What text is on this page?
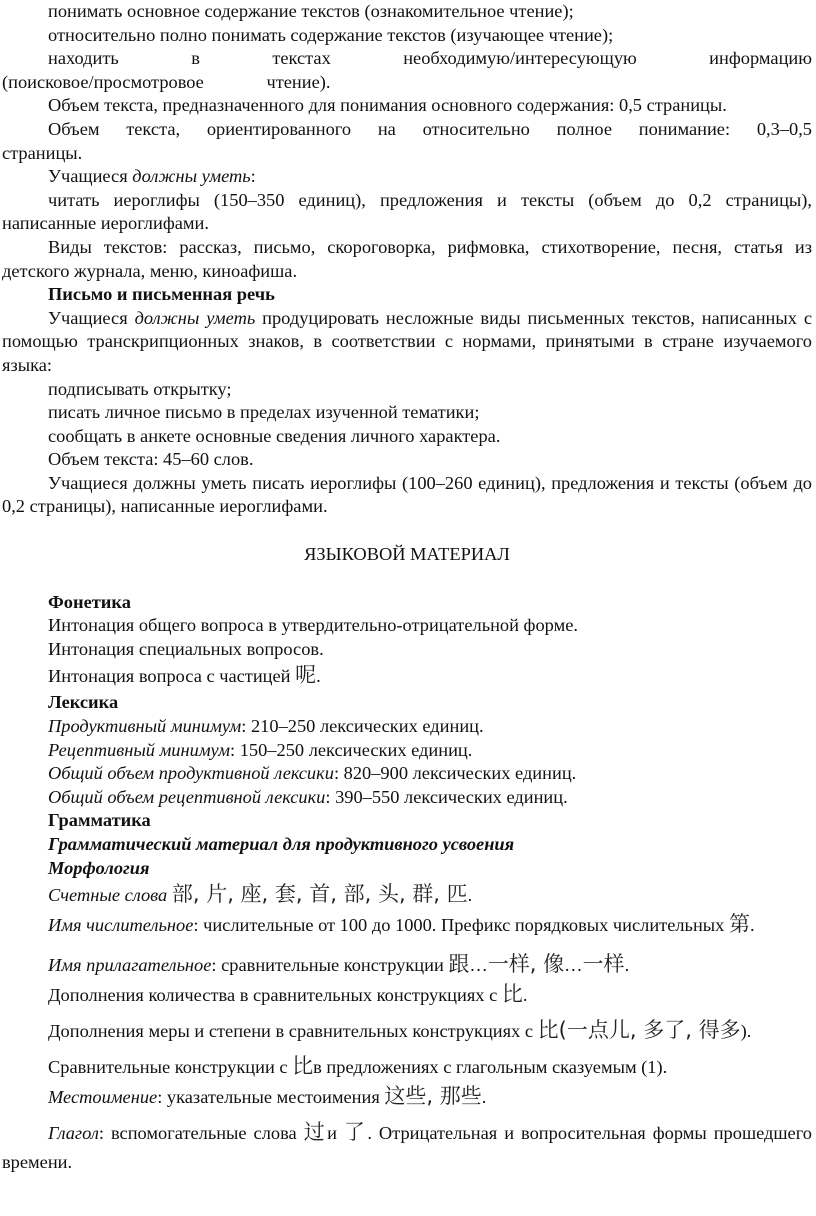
понимать основное содержание текстов (ознакомительное чтение);

относительно полно понимать содержание текстов (изучающее чтение);

находить в текстах необходимую/интересующую информацию (поисковое/просмотровое чтение).

Объем текста, предназначенного для понимания основного содержания: 0,5 страницы.

Объем текста, ориентированного на относительно полное понимание: 0,3–0,5 страницы.

Учащиеся должны уметь:

читать иероглифы (150–350 единиц), предложения и тексты (объем до 0,2 страницы), написанные иероглифами.

Виды текстов: рассказ, письмо, скороговорка, рифмовка, стихотворение, песня, статья из детского журнала, меню, киноафиша.

Письмо и письменная речь

Учащиеся должны уметь продуцировать несложные виды письменных текстов, написанных с помощью транскрипционных знаков, в соответствии с нормами, принятыми в стране изучаемого языка:

подписывать открытку;

писать личное письмо в пределах изученной тематики;

сообщать в анкете основные сведения личного характера.

Объем текста: 45–60 слов.

Учащиеся должны уметь писать иероглифы (100–260 единиц), предложения и тексты (объем до 0,2 страницы), написанные иероглифами.

ЯЗЫКОВОЙ МАТЕРИАЛ

Фонетика

Интонация общего вопроса в утвердительно-отрицательной форме.

Интонация специальных вопросов.

Интонация вопроса с частицей 呢.

Лексика

Продуктивный минимум: 210–250 лексических единиц.

Рецептивный минимум: 150–250 лексических единиц.

Общий объем продуктивной лексики: 820–900 лексических единиц.

Общий объем рецептивной лексики: 390–550 лексических единиц.

Грамматика

Грамматический материал для продуктивного усвоения

Морфология

Счетные слова 部, 片, 座, 套, 首, 部, 头, 群, 匹.

Имя числительное: числительные от 100 до 1000. Префикс порядковых числительных 第.

Имя прилагательное: сравнительные конструкции 跟…一样, 像…一样.

Дополнения количества в сравнительных конструкциях с 比.

Дополнения меры и степени в сравнительных конструкциях с 比(一点儿, 多了, 得多).

Сравнительные конструкции с 比в предложениях с глагольным сказуемым (1).

Местоимение: указательные местоимения 这些, 那些.

Глагол: вспомогательные слова 过и 了. Отрицательная и вопросительная формы прошедшего времени.
